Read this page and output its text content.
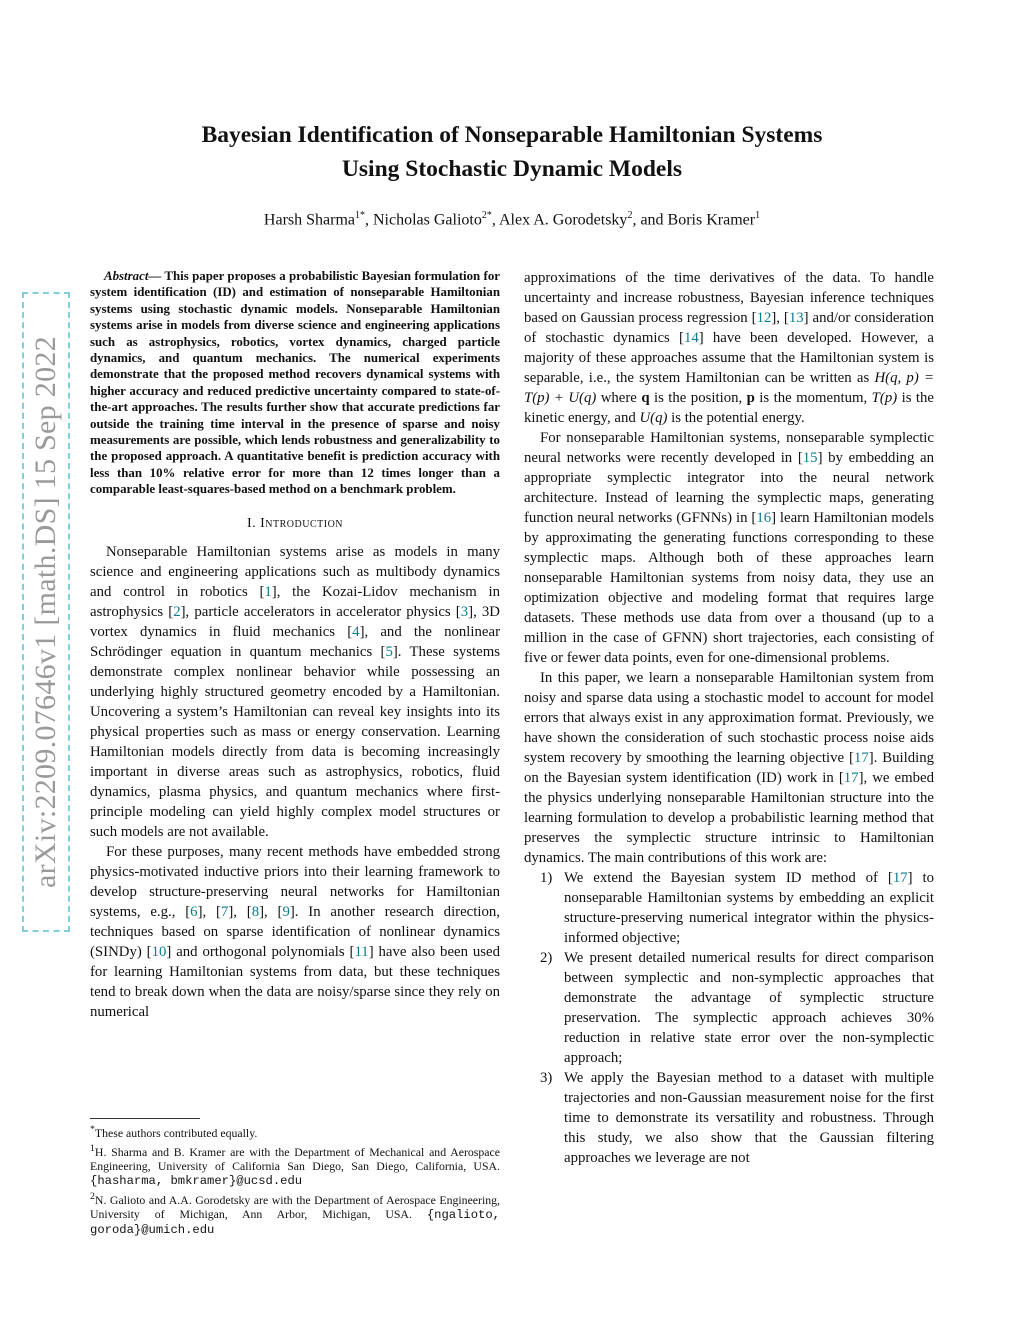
arXiv:2209.07646v1 [math.DS] 15 Sep 2022
Bayesian Identification of Nonseparable Hamiltonian Systems
Using Stochastic Dynamic Models
Harsh Sharma$^{1*}$, Nicholas Galioto$^{2*}$, Alex A. Gorodetsky$^2$, and Boris Kramer$^1$

Abstract— This paper proposes a probabilistic Bayesian formulation for system identification (ID) and estimation of nonseparable Hamiltonian systems using stochastic dynamic models. Nonseparable Hamiltonian systems arise in models from diverse science and engineering applications such as astrophysics, robotics, vortex dynamics, charged particle dynamics, and quantum mechanics. The numerical experiments demonstrate that the proposed method recovers dynamical systems with higher accuracy and reduced predictive uncertainty compared to state-of-the-art approaches. The results further show that accurate predictions far outside the training time interval in the presence of sparse and noisy measurements are possible, which lends robustness and generalizability to the proposed approach. A quantitative benefit is prediction accuracy with less than 10% relative error for more than 12 times longer than a comparable least-squares-based method on a benchmark problem.

I. Introduction

Nonseparable Hamiltonian systems arise as models in many science and engineering applications such as multibody dynamics and control in robotics [1], the Kozai-Lidov mechanism in astrophysics [2], particle accelerators in accelerator physics [3], 3D vortex dynamics in fluid mechanics [4], and the nonlinear Schrödinger equation in quantum mechanics [5]. These systems demonstrate complex nonlinear behavior while possessing an underlying highly structured geometry encoded by a Hamiltonian. Uncovering a system’s Hamiltonian can reveal key insights into its physical properties such as mass or energy conservation. Learning Hamiltonian models directly from data is becoming increasingly important in diverse areas such as astrophysics, robotics, fluid dynamics, plasma physics, and quantum mechanics where first-principle modeling can yield highly complex model structures or such models are not available.

For these purposes, many recent methods have embedded strong physics-motivated inductive priors into their learning framework to develop structure-preserving neural networks for Hamiltonian systems, e.g., [6], [7], [8], [9]. In another research direction, techniques based on sparse identification of nonlinear dynamics (SINDy) [10] and orthogonal polynomials [11] have also been used for learning Hamiltonian systems from data, but these techniques tend to break down when the data are noisy/sparse since they rely on numerical

*These authors contributed equally.

$^1$H. Sharma and B. Kramer are with the Department of Mechanical and Aerospace Engineering, University of California San Diego, San Diego, California, USA. {hasharma, bmkramer}@ucsd.edu

$^2$N. Galioto and A.A. Gorodetsky are with the Department of Aerospace Engineering, University of Michigan, Ann Arbor, Michigan, USA. {ngalioto, goroda}@umich.edu

approximations of the time derivatives of the data. To handle uncertainty and increase robustness, Bayesian inference techniques based on Gaussian process regression [12], [13] and/or consideration of stochastic dynamics [14] have been developed. However, a majority of these approaches assume that the Hamiltonian system is separable, i.e., the system Hamiltonian can be written as H(q, p) = T(p) + U(q) where q is the position, p is the momentum, T(p) is the kinetic energy, and U(q) is the potential energy.

For nonseparable Hamiltonian systems, nonseparable symplectic neural networks were recently developed in [15] by embedding an appropriate symplectic integrator into the neural network architecture. Instead of learning the symplectic maps, generating function neural networks (GFNNs) in [16] learn Hamiltonian models by approximating the generating functions corresponding to these symplectic maps. Although both of these approaches learn nonseparable Hamiltonian systems from noisy data, they use an optimization objective and modeling format that requires large datasets. These methods use data from over a thousand (up to a million in the case of GFNN) short trajectories, each consisting of five or fewer data points, even for one-dimensional problems.

In this paper, we learn a nonseparable Hamiltonian system from noisy and sparse data using a stochastic model to account for model errors that always exist in any approximation format. Previously, we have shown the consideration of such stochastic process noise aids system recovery by smoothing the learning objective [17]. Building on the Bayesian system identification (ID) work in [17], we embed the physics underlying nonseparable Hamiltonian structure into the learning formulation to develop a probabilistic learning method that preserves the symplectic structure intrinsic to Hamiltonian dynamics. The main contributions of this work are:

1) We extend the Bayesian system ID method of [17] to nonseparable Hamiltonian systems by embedding an explicit structure-preserving numerical integrator within the physics-informed objective;
2) We present detailed numerical results for direct comparison between symplectic and non-symplectic approaches that demonstrate the advantage of symplectic structure preservation. The symplectic approach achieves 30% reduction in relative state error over the non-symplectic approach;
3) We apply the Bayesian method to a dataset with multiple trajectories and non-Gaussian measurement noise for the first time to demonstrate its versatility and robustness. Through this study, we also show that the Gaussian filtering approaches we leverage are not
